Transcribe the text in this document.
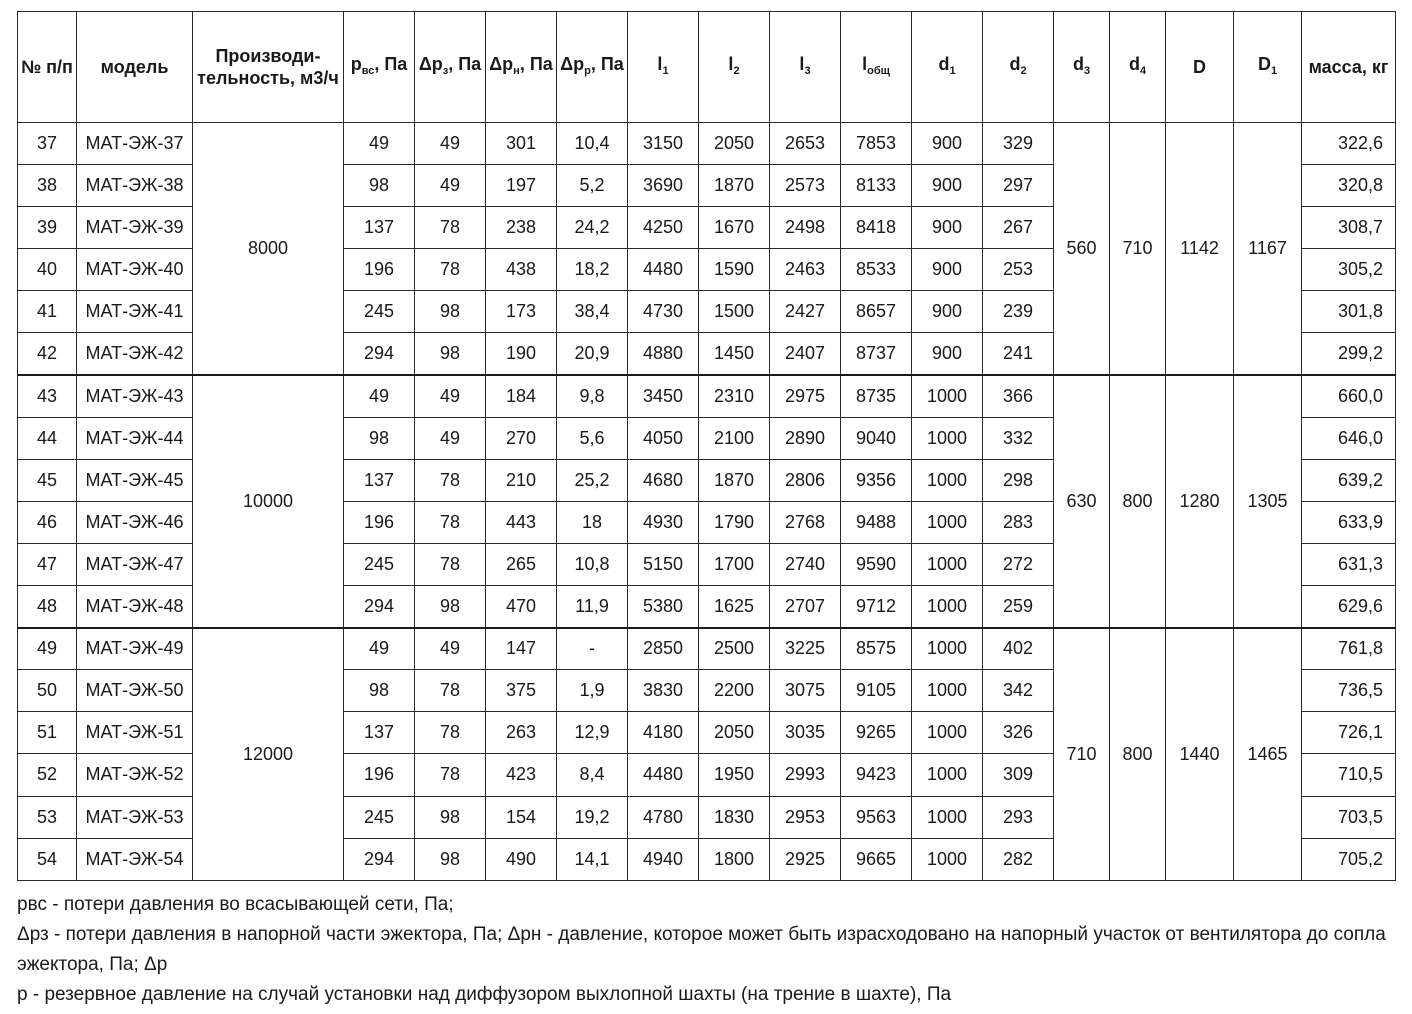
№ п/п	модель	Производи-тельность, м3/ч	$p_{вс}$, Па	$\Delta p_з$, Па	$\Delta p_н$, Па	$\Delta p_р$, Па	$l_1$	$l_2$	$l_3$	$l_{общ}$	$d_1$	$d_2$	$d_3$	$d_4$	D	$D_1$	масса, кг
37	МАТ-ЭЖ-37	8000	49	49	301	10,4	3150	2050	2653	7853	900	329	560	710	1142	1167	322,6
38	МАТ-ЭЖ-38		98	49	197	5,2	3690	1870	2573	8133	900	297					320,8
39	МАТ-ЭЖ-39		137	78	238	24,2	4250	1670	2498	8418	900	267					308,7
40	МАТ-ЭЖ-40		196	78	438	18,2	4480	1590	2463	8533	900	253					305,2
41	МАТ-ЭЖ-41		245	98	173	38,4	4730	1500	2427	8657	900	239					301,8
42	МАТ-ЭЖ-42		294	98	190	20,9	4880	1450	2407	8737	900	241					299,2
43	МАТ-ЭЖ-43	10000	49	49	184	9,8	3450	2310	2975	8735	1000	366	630	800	1280	1305	660,0
44	МАТ-ЭЖ-44		98	49	270	5,6	4050	2100	2890	9040	1000	332					646,0
45	МАТ-ЭЖ-45		137	78	210	25,2	4680	1870	2806	9356	1000	298					639,2
46	МАТ-ЭЖ-46		196	78	443	18	4930	1790	2768	9488	1000	283					633,9
47	МАТ-ЭЖ-47		245	78	265	10,8	5150	1700	2740	9590	1000	272					631,3
48	МАТ-ЭЖ-48		294	98	470	11,9	5380	1625	2707	9712	1000	259					629,6
49	МАТ-ЭЖ-49	12000	49	49	147	-	2850	2500	3225	8575	1000	402	710	800	1440	1465	761,8
50	МАТ-ЭЖ-50		98	78	375	1,9	3830	2200	3075	9105	1000	342					736,5
51	МАТ-ЭЖ-51		137	78	263	12,9	4180	2050	3035	9265	1000	326					726,1
52	МАТ-ЭЖ-52		196	78	423	8,4	4480	1950	2993	9423	1000	309					710,5
53	МАТ-ЭЖ-53		245	98	154	19,2	4780	1830	2953	9563	1000	293					703,5
54	МАТ-ЭЖ-54		294	98	490	14,1	4940	1800	2925	9665	1000	282					705,2

рвс - потери давления во всасывающей сети, Па;

Δрз - потери давления в напорной части эжектора, Па; Δрн - давление, которое может быть израсходовано на напорный участок от вентилятора до сопла эжектора, Па; Δр

р - резервное давление на случай установки над диффузором выхлопной шахты (на трение в шахте), Па
